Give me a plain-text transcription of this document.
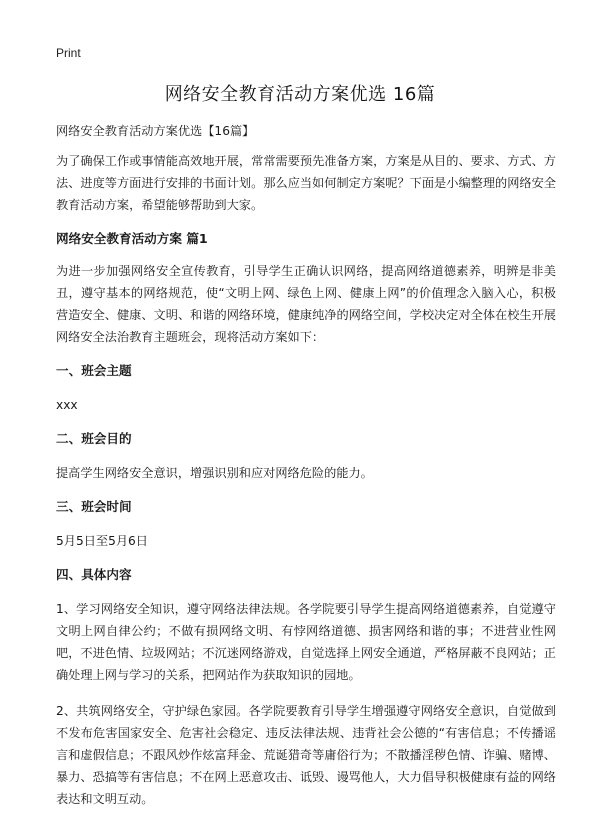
Print
网络安全教育活动方案优选 16篇

网络安全教育活动方案优选【16篇】

为了确保工作或事情能高效地开展，常常需要预先准备方案，方案是从目的、要求、方式、方法、进度等方面进行安排的书面计划。那么应当如何制定方案呢？下面是小编整理的网络安全教育活动方案，希望能够帮助到大家。

网络安全教育活动方案 篇1

为进一步加强网络安全宣传教育，引导学生正确认识网络，提高网络道德素养，明辨是非美丑，遵守基本的网络规范，使“文明上网、绿色上网、健康上网”的价值理念入脑入心，积极营造安全、健康、文明、和谐的网络环境，健康纯净的网络空间，学校决定对全体在校生开展网络安全法治教育主题班会，现将活动方案如下：

一、班会主题

xxx

二、班会目的

提高学生网络安全意识，增强识别和应对网络危险的能力。

三、班会时间

5月5日至5月6日

四、具体内容

1、学习网络安全知识，遵守网络法律法规。各学院要引导学生提高网络道德素养，自觉遵守文明上网自律公约；不做有损网络文明、有悖网络道德、损害网络和谐的事；不进营业性网吧，不进色情、垃圾网站；不沉迷网络游戏，自觉选择上网安全通道，严格屏蔽不良网站；正确处理上网与学习的关系，把网站作为获取知识的园地。

2、共筑网络安全，守护绿色家园。各学院要教育引导学生增强遵守网络安全意识，自觉做到不发布危害国家安全、危害社会稳定、违反法律法规、违背社会公德的“有害信息；不传播谣言和虚假信息；不跟风炒作炫富拜金、荒诞猎奇等庸俗行为；不散播淫秽色情、诈骗、赌博、暴力、恐搞等有害信息；不在网上恶意攻击、诋毁、谩骂他人，大力倡导积极健康有益的网络表达和文明互动。
